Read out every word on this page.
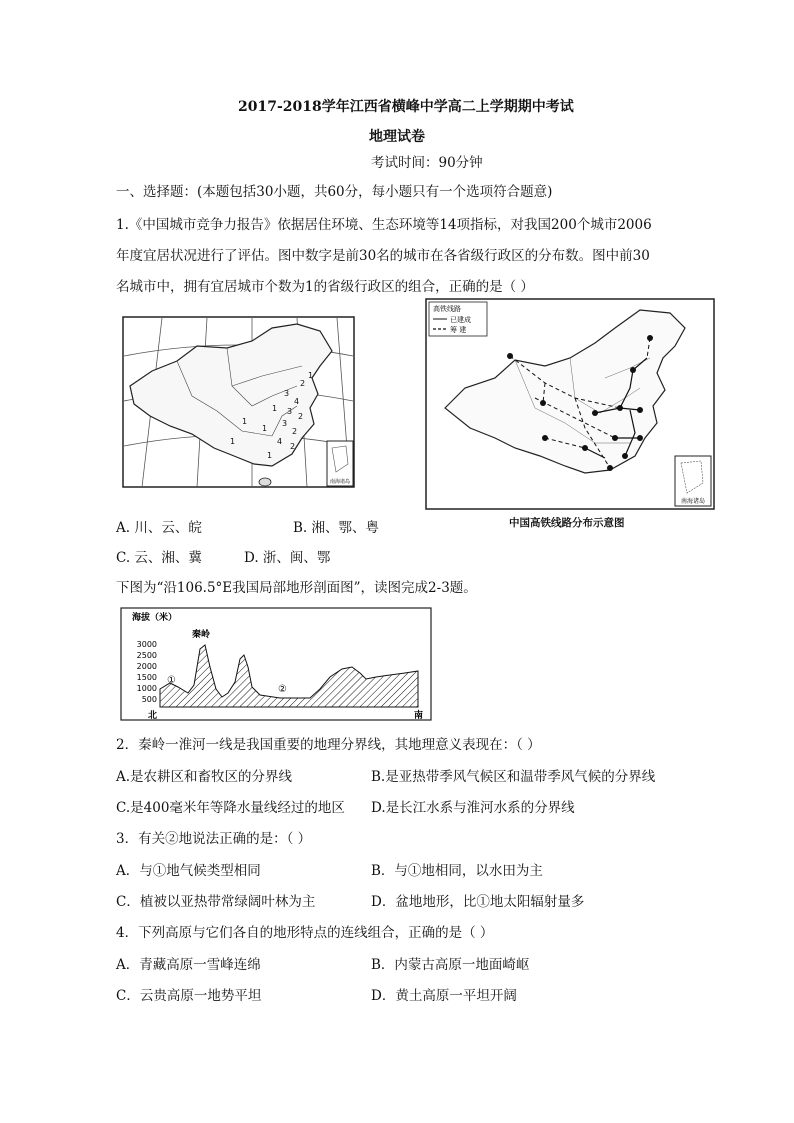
2017-2018学年江西省横峰中学高二上学期期中考试
地理试卷
考试时间：90分钟
一、选择题：(本题包括30小题，共60分，每小题只有一个选项符合题意)
1.《中国城市竞争力报告》依据居住环境、生态环境等14项指标，对我国200个城市2006
年度宜居状况进行了评估。图中数字是前30名的城市在各省级行政区的分布数。图中前30
名城市中，拥有宜居城市个数为1的省级行政区的组合，正确的是（ ）
南海诸岛
1
2
3
4
3
2
1
3
2
1
1
1	4
2
1
高铁线路
已建成
筹 建
南海诸岛
中国高铁线路分布示意图
A. 川、云、皖	B. 湘、鄂、粤
C. 云、湘、冀	D. 浙、闽、鄂
下图为“沿106.5°E我国局部地形剖面图”，读图完成2-3题。
海拔（米）
3000
2500
2000
1500
1000
500
秦岭
①
②
北	南
2．秦岭一淮河一线是我国重要的地理分界线，其地理意义表现在：（ ）
A.是农耕区和畜牧区的分界线	B.是亚热带季风气候区和温带季风气候的分界线
C.是400毫米年等降水量线经过的地区 D.是长江水系与淮河水系的分界线
3．有关②地说法正确的是：（ ）
A．与①地气候类型相同	B．与①地相同，以水田为主
C．植被以亚热带常绿阔叶林为主	D．盆地地形，比①地太阳辐射量多
4．下列高原与它们各自的地形特点的连线组合，正确的是（ ）
A．青藏高原一雪峰连绵	B．内蒙古高原一地面崎岖
C．云贵高原一地势平坦	D．黄土高原一平坦开阔
